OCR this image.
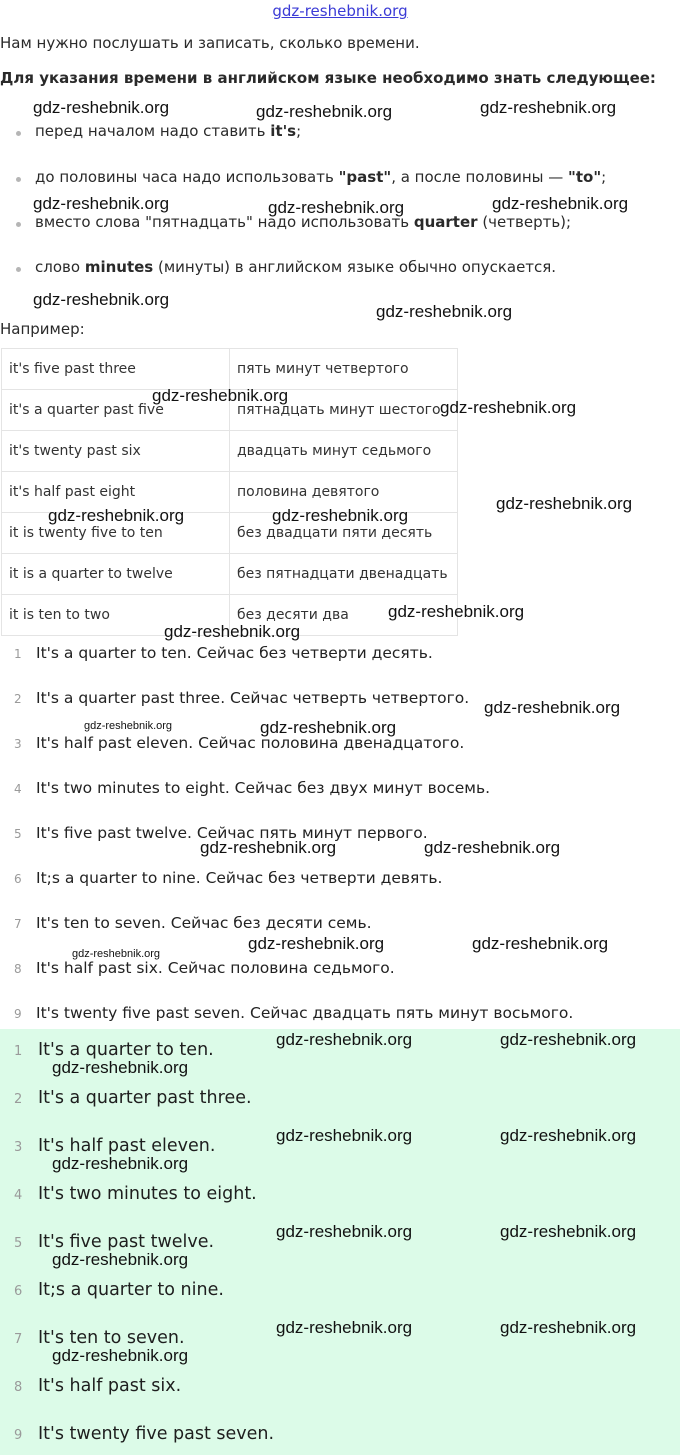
gdz-reshebnik.org
Нам нужно послушать и записать, сколько времени.
Для указания времени в английском языке необходимо знать следующее:
перед началом надо ставить it's;
до половины часа надо использовать "past", а после половины — "to";
вместо слова "пятнадцать" надо использовать quarter (четверть);
слово minutes (минуты) в английском языке обычно опускается.
Например:
it's five past three	пять минут четвертого
it's a quarter past five	пятнадцать минут шестого
it's twenty past six	двадцать минут седьмого
it's half past eight	половина девятого
it is twenty five to ten	без двадцати пяти десять
it is a quarter to twelve	без пятнадцати двенадцать
it is ten to two	без десяти два
1 It's a quarter to ten. Сейчас без четверти десять.
2 It's a quarter past three. Сейчас четверть четвертого.
3 It's half past eleven. Сейчас половина двенадцатого.
4 It's two minutes to eight. Сейчас без двух минут восемь.
5 It's five past twelve. Сейчас пять минут первого.
6 It;s a quarter to nine. Сейчас без четверти девять.
7 It's ten to seven. Сейчас без десяти семь.
8 It's half past six. Сейчас половина седьмого.
9 It's twenty five past seven. Сейчас двадцать пять минут восьмого.
1 It's a quarter to ten.
2 It's a quarter past three.
3 It's half past eleven.
4 It's two minutes to eight.
5 It's five past twelve.
6 It;s a quarter to nine.
7 It's ten to seven.
8 It's half past six.
9 It's twenty five past seven.
gdz-reshebnik.org	gdz-reshebnik.org	gdz-reshebnik.org
gdz-reshebnik.org	gdz-reshebnik.org	gdz-reshebnik.org
gdz-reshebnik.org
gdz-reshebnik.org
gdz-reshebnik.org
gdz-reshebnik.org
gdz-reshebnik.org
gdz-reshebnik.org	gdz-reshebnik.org
gdz-reshebnik.org
gdz-reshebnik.org
gdz-reshebnik.org
gdz-reshebnik.org	gdz-reshebnik.org
gdz-reshebnik.org	gdz-reshebnik.org
gdz-reshebnik.org	gdz-reshebnik.org
gdz-reshebnik.org
gdz-reshebnik.org	gdz-reshebnik.org
gdz-reshebnik.org
gdz-reshebnik.org	gdz-reshebnik.org
gdz-reshebnik.org
gdz-reshebnik.org	gdz-reshebnik.org
gdz-reshebnik.org
gdz-reshebnik.org	gdz-reshebnik.org
gdz-reshebnik.org
